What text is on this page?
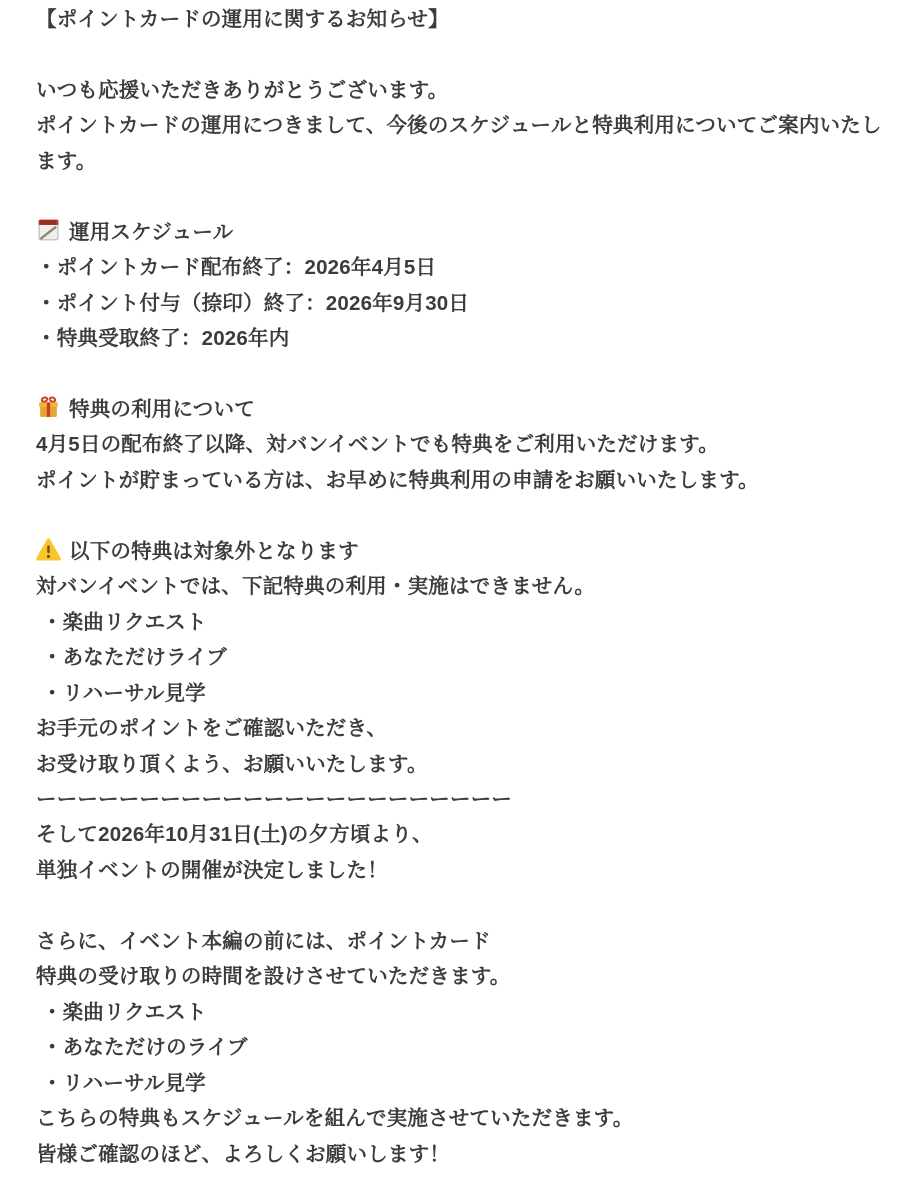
【ポイントカードの運用に関するお知らせ】

いつも応援いただきありがとうございます。
ポイントカードの運用につきまして、今後のスケジュールと特典利用についてご案内いたし
ます。

運用スケジュール
・ポイントカード配布終了：2026年4月5日
・ポイント付与（捺印）終了：2026年9月30日
・特典受取終了：2026年内

特典の利用について
4月5日の配布終了以降、対バンイベントでも特典をご利用いただけます。
ポイントが貯まっている方は、お早めに特典利用の申請をお願いいたします。

以下の特典は対象外となります
対バンイベントでは、下記特典の利用・実施はできません。
・楽曲リクエスト
・あなただけライブ
・リハーサル見学
お手元のポイントをご確認いただき、
お受け取り頂くよう、お願いいたします。
ーーーーーーーーーーーーーーーーーーーーーーー
そして2026年10月31日(土)の夕方頃より、
単独イベントの開催が決定しました！

さらに、イベント本編の前には、ポイントカード
特典の受け取りの時間を設けさせていただきます。
・楽曲リクエスト
・あなただけのライブ
・リハーサル見学
こちらの特典もスケジュールを組んで実施させていただきます。
皆様ご確認のほど、よろしくお願いします！
